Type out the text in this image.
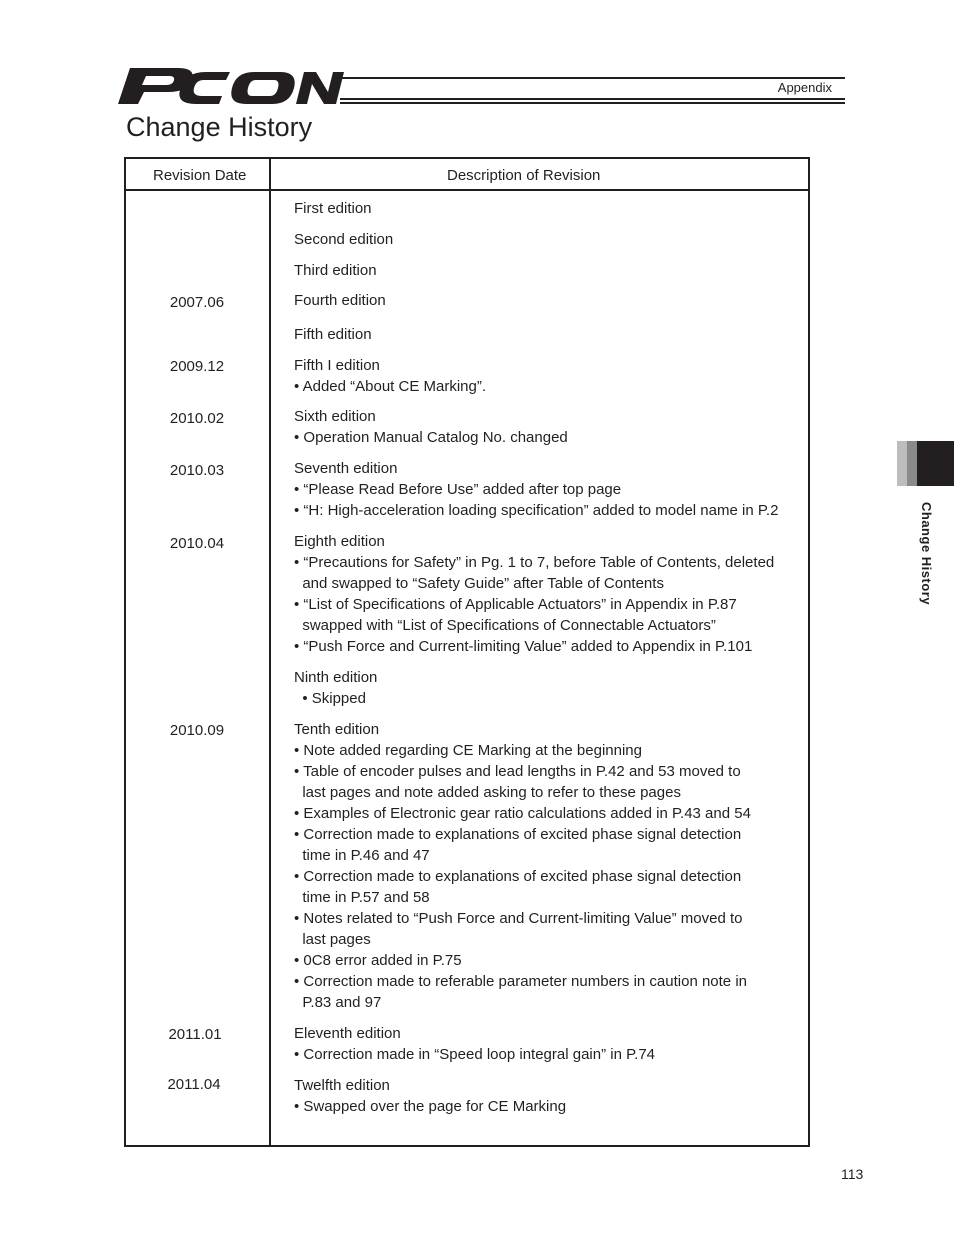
Appendix
Change History
Revision Date	Description of Revision
2007.06
2009.12
2010.02
2010.03
2010.04
2010.09
2011.01
2011.04
First edition
Second edition
Third edition
Fourth edition
Fifth edition
Fifth I edition
• Added “About CE Marking”.
Sixth edition
• Operation Manual Catalog No. changed
Seventh edition
• “Please Read Before Use” added after top page
• “H: High-acceleration loading specification” added to model name in P.2
Eighth edition
• “Precautions for Safety” in Pg. 1 to 7, before Table of Contents, deleted
and swapped to “Safety Guide” after Table of Contents
• “List of Specifications of Applicable Actuators” in Appendix in P.87
swapped with “List of Specifications of Connectable Actuators”
• “Push Force and Current-limiting Value” added to Appendix in P.101
Ninth edition
• Skipped
Tenth edition
• Note added regarding CE Marking at the beginning
• Table of encoder pulses and lead lengths in P.42 and 53 moved to
last pages and note added asking to refer to these pages
• Examples of Electronic gear ratio calculations added in P.43 and 54
• Correction made to explanations of excited phase signal detection
time in P.46 and 47
• Correction made to explanations of excited phase signal detection
time in P.57 and 58
• Notes related to “Push Force and Current-limiting Value” moved to
last pages
• 0C8 error added in P.75
• Correction made to referable parameter numbers in caution note in
P.83 and 97
Eleventh edition
• Correction made in “Speed loop integral gain” in P.74
Twelfth edition
• Swapped over the page for CE Marking
Change History
113
